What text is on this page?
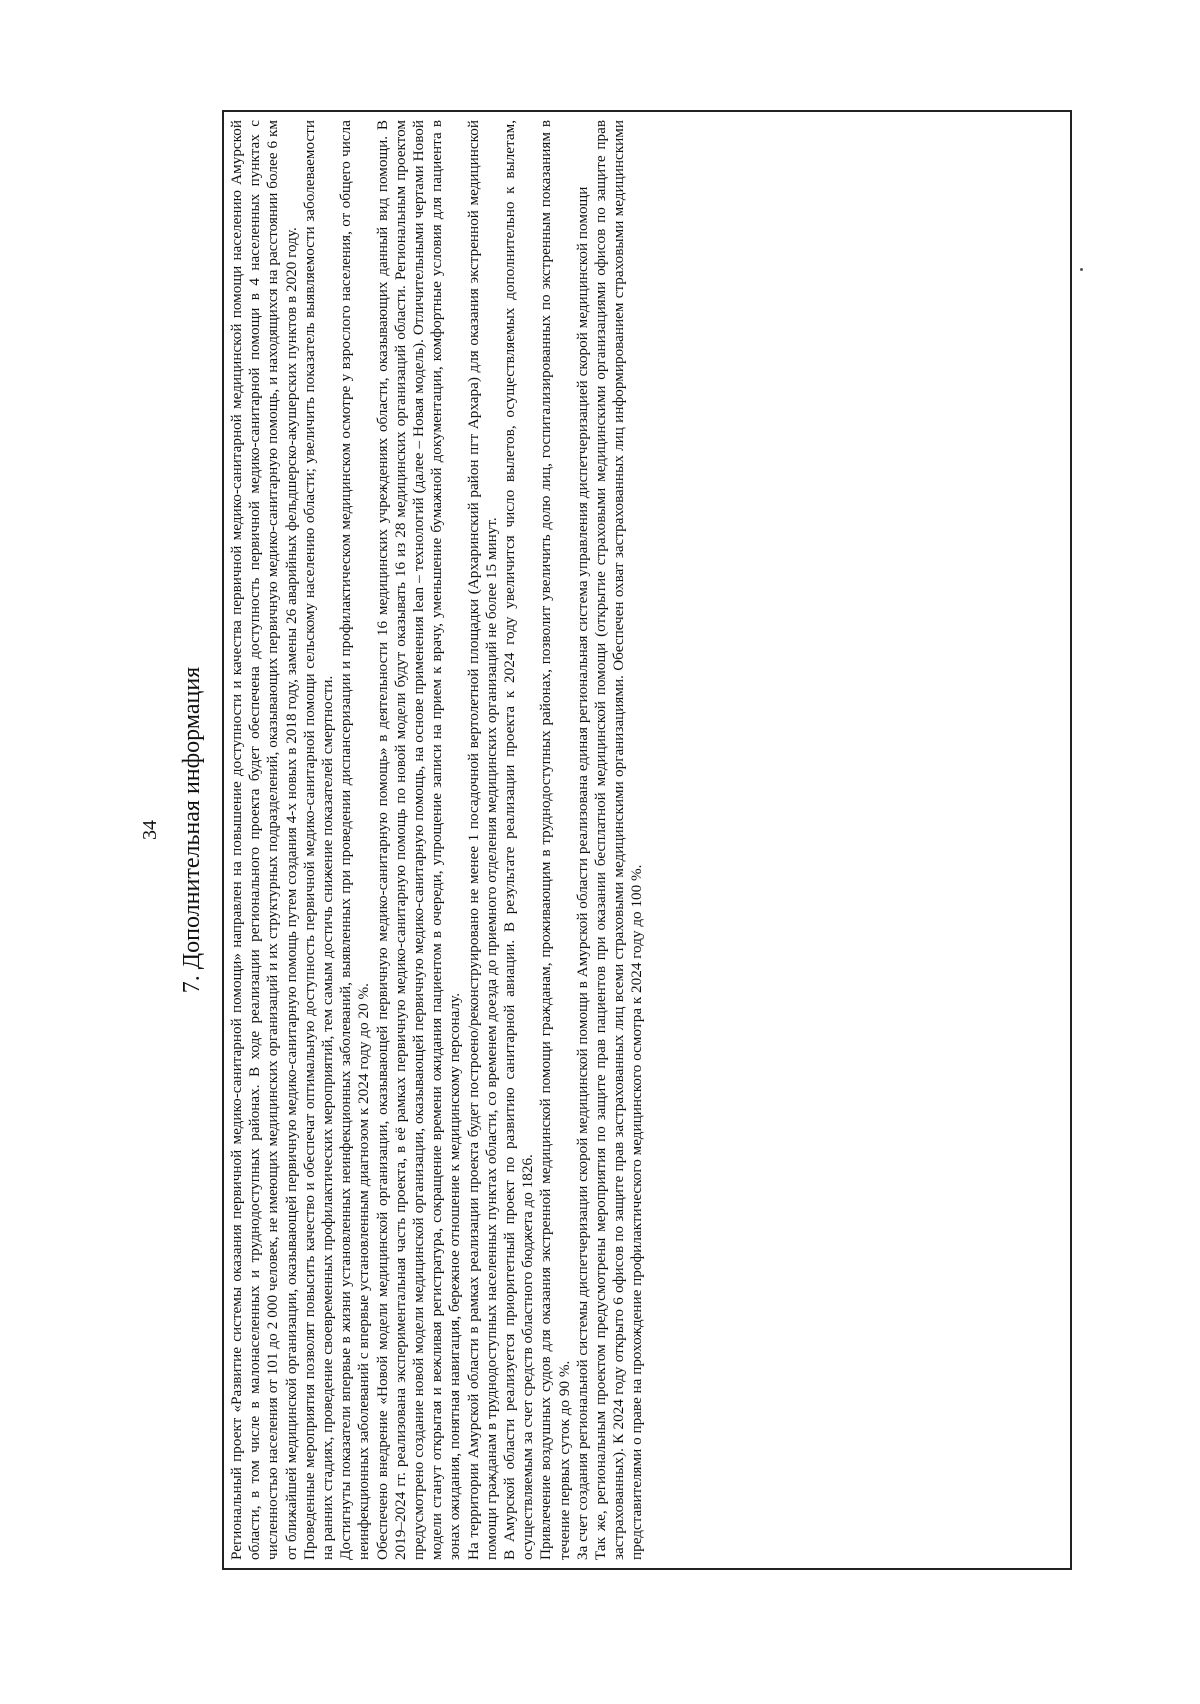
34 7. Дополнительная информация	Региональный проект «Развитие системы оказания первичной медико-санитарной помощи» направлен на повышение доступности и качества первичной медико-санитарной медицинской помощи населению Амурской области, в том числе в малонаселенных и труднодоступных районах. В ходе реализации регионального проекта будет обеспечена доступность первичной медико-санитарной помощи в 4 населенных пунктах с численностью населения от 101 до 2 000 человек, не имеющих медицинских организаций и их структурных подразделений, оказывающих первичную медико-санитарную помощь, и находящихся на расстоянии более 6 км от ближайшей медицинской организации, оказывающей первичную медико-санитарную помощь путем создания 4-х новых в 2018 году, замены 26 аварийных фельдшерско-акушерских пунктов в 2020 году. Проведенные мероприятия позволят повысить качество и обеспечат оптимальную доступность первичной медико-санитарной помощи сельскому населению области; увеличить показатель выявляемости заболеваемости на ранних стадиях, проведение своевременных профилактических мероприятий, тем самым достичь снижение показателей смертности. Достигнуты показатели впервые в жизни установленных неинфекционных заболеваний, выявленных при проведении диспансеризации и профилактическом медицинском осмотре у взрослого населения, от общего числа неинфекционных заболеваний с впервые установленным диагнозом к 2024 году до 20 %. Обеспечено внедрение «Новой модели медицинской организации, оказывающей первичную медико-санитарную помощь» в деятельности 16 медицинских учреждениях области, оказывающих данный вид помощи. В 2019–2024 гг. реализована экспериментальная часть проекта, в её рамках первичную медико-санитарную помощь по новой модели будут оказывать 16 из 28 медицинских организаций области. Региональным проектом предусмотрено создание новой модели медицинской организации, оказывающей первичную медико-санитарную помощь, на основе применения lean – технологий (далее – Новая модель). Отличительными чертами Новой модели станут открытая и вежливая регистратура, сокращение времени ожидания пациентом в очереди, упрощение записи на прием к врачу, уменьшение бумажной документации, комфортные условия для пациента в зонах ожидания, понятная навигация, бережное отношение к медицинскому персоналу. На территории Амурской области в рамках реализации проекта будет построено/реконструировано не менее 1 посадочной вертолетной площадки (Архаринский район пгт Архара) для оказания экстренной медицинской помощи гражданам в труднодоступных населенных пунктах области, со временем доезда до приемного отделения медицинских организаций не более 15 минут. В Амурской области реализуется приоритетный проект по развитию санитарной авиации. В результате реализации проекта к 2024 году увеличится число вылетов, осуществляемых дополнительно к вылетам, осуществляемым за счет средств областного бюджета до 1826. Привлечение воздушных судов для оказания экстренной медицинской помощи гражданам, проживающим в труднодоступных районах, позволит увеличить долю лиц, госпитализированных по экстренным показаниям в течение первых суток до 90 %. За счет создания региональной системы диспетчеризации скорой медицинской помощи в Амурской области реализована единая региональная система управления диспетчеризацией скорой медицинской помощи Так же, региональным проектом предусмотрены мероприятия по защите прав пациентов при оказании бесплатной медицинской помощи (открытие страховыми медицинскими организациями офисов по защите прав застрахованных). К 2024 году открыто 6 офисов по защите прав застрахованных лиц всеми страховыми медицинскими организациями. Обеспечен охват застрахованных лиц информированием страховыми медицинскими представителями о праве на прохождение профилактического медицинского осмотра к 2024 году до 100 %.
